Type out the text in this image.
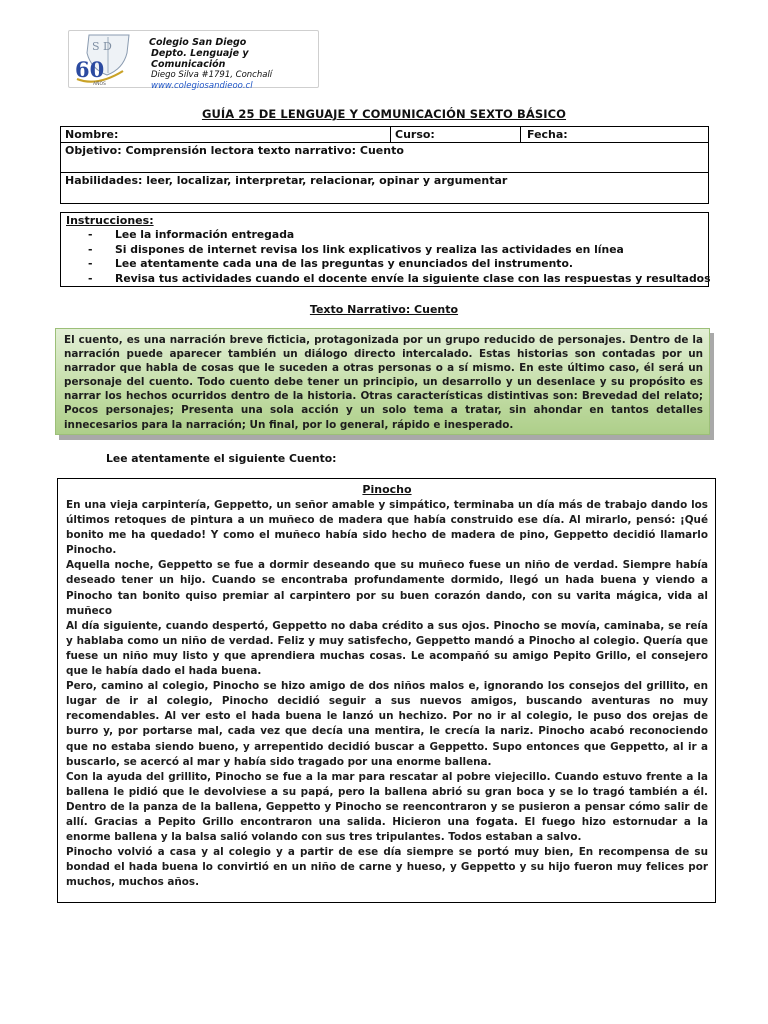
S D
60
AÑOS
Colegio San Diego
Depto. Lenguaje y Comunicación
Diego Silva #1791, Conchalí
www.colegiosandieoo.cl
GUÍA 25 DE LENGUAJE Y COMUNICACIÓN SEXTO BÁSICO
Nombre:	Curso:	Fecha:
Objetivo: Comprensión lectora texto narrativo: Cuento
Habilidades: leer, localizar, interpretar, relacionar, opinar y argumentar
Instrucciones:
- Lee la información entregada
- Si dispones de internet revisa los link explicativos y realiza las actividades en línea
- Lee atentamente cada una de las preguntas y enunciados del instrumento.
- Revisa tus actividades cuando el docente envíe la siguiente clase con las respuestas y resultados
Texto Narrativo: Cuento
El cuento, es una narración breve ficticia, protagonizada por un grupo reducido de personajes. Dentro de la narración puede aparecer también un diálogo directo intercalado. Estas historias son contadas por un narrador que habla de cosas que le suceden a otras personas o a sí mismo. En este último caso, él será un personaje del cuento. Todo cuento debe tener un principio, un desarrollo y un desenlace y su propósito es narrar los hechos ocurridos dentro de la historia. Otras características distintivas son: Brevedad del relato; Pocos personajes; Presenta una sola acción y un solo tema a tratar, sin ahondar en tantos detalles innecesarios para la narración; Un final, por lo general, rápido e inesperado.
Lee atentamente el siguiente Cuento:
Pinocho

En una vieja carpintería, Geppetto, un señor amable y simpático, terminaba un día más de trabajo dando los últimos retoques de pintura a un muñeco de madera que había construido ese día. Al mirarlo, pensó: ¡Qué bonito me ha quedado! Y como el muñeco había sido hecho de madera de pino, Geppetto decidió llamarlo Pinocho.

Aquella noche, Geppetto se fue a dormir deseando que su muñeco fuese un niño de verdad. Siempre había deseado tener un hijo. Cuando se encontraba profundamente dormido, llegó un hada buena y viendo a Pinocho tan bonito quiso premiar al carpintero por su buen corazón dando, con su varita mágica, vida al muñeco

Al día siguiente, cuando despertó, Geppetto no daba crédito a sus ojos. Pinocho se movía, caminaba, se reía y hablaba como un niño de verdad. Feliz y muy satisfecho, Geppetto mandó a Pinocho al colegio. Quería que fuese un niño muy listo y que aprendiera muchas cosas. Le acompañó su amigo Pepito Grillo, el consejero que le había dado el hada buena.

Pero, camino al colegio, Pinocho se hizo amigo de dos niños malos e, ignorando los consejos del grillito, en lugar de ir al colegio, Pinocho decidió seguir a sus nuevos amigos, buscando aventuras no muy recomendables. Al ver esto el hada buena le lanzó un hechizo. Por no ir al colegio, le puso dos orejas de burro y, por portarse mal, cada vez que decía una mentira, le crecía la nariz. Pinocho acabó reconociendo que no estaba siendo bueno, y arrepentido decidió buscar a Geppetto. Supo entonces que Geppetto, al ir a buscarlo, se acercó al mar y había sido tragado por una enorme ballena.

Con la ayuda del grillito, Pinocho se fue a la mar para rescatar al pobre viejecillo. Cuando estuvo frente a la ballena le pidió que le devolviese a su papá, pero la ballena abrió su gran boca y se lo tragó también a él. Dentro de la panza de la ballena, Geppetto y Pinocho se reencontraron y se pusieron a pensar cómo salir de allí. Gracias a Pepito Grillo encontraron una salida. Hicieron una fogata. El fuego hizo estornudar a la enorme ballena y la balsa salió volando con sus tres tripulantes. Todos estaban a salvo.

Pinocho volvió a casa y al colegio y a partir de ese día siempre se portó muy bien, En recompensa de su bondad el hada buena lo convirtió en un niño de carne y hueso, y Geppetto y su hijo fueron muy felices por muchos, muchos años.
